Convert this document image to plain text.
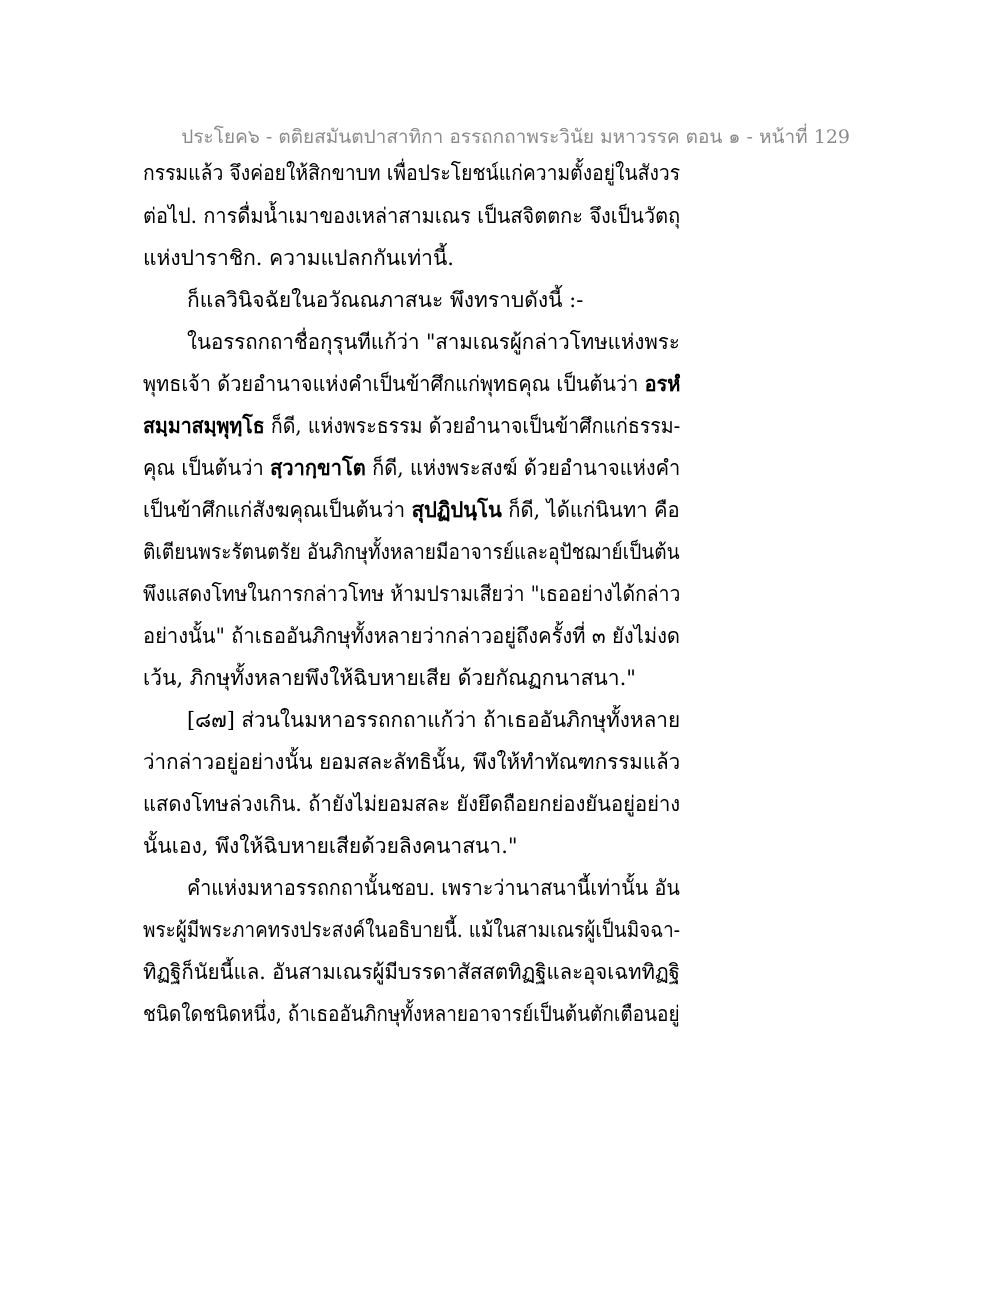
ประโยค๖ - ตติยสมันตปาสาทิกา อรรถกถาพระวินัย มหาวรรค ตอน ๑ - หน้าที่ 129
กรรมแล้ว จึงค่อยให้สิกขาบท เพื่อประโยชน์แก่ความตั้งอยู่ในสังวร
ต่อไป. การดื่มน้ำเมาของเหล่าสามเณร เป็นสจิตตกะ จึงเป็นวัตถุ
แห่งปาราชิก. ความแปลกกันเท่านี้.
ก็แลวินิจฉัยในอวัณณภาสนะ พึงทราบดังนี้ :-
ในอรรถกถาชื่อกุรุนทีแก้ว่า "สามเณรผู้กล่าวโทษแห่งพระ
พุทธเจ้า ด้วยอำนาจแห่งคำเป็นข้าศึกแก่พุทธคุณ เป็นต้นว่า อรหํ
สมฺมาสมฺพุทฺโธ ก็ดี, แห่งพระธรรม ด้วยอำนาจเป็นข้าศึกแก่ธรรม-
คุณ เป็นต้นว่า สฺวากฺขาโต ก็ดี, แห่งพระสงฆ์ ด้วยอำนาจแห่งคำ
เป็นข้าศึกแก่สังฆคุณเป็นต้นว่า สุปฏิปนฺโน ก็ดี, ได้แก่นินทา คือ
ติเตียนพระรัตนตรัย อันภิกษุทั้งหลายมีอาจารย์และอุปัชฌาย์เป็นต้น
พึงแสดงโทษในการกล่าวโทษ ห้ามปรามเสียว่า "เธออย่างได้กล่าว
อย่างนั้น" ถ้าเธออันภิกษุทั้งหลายว่ากล่าวอยู่ถึงครั้งที่ ๓ ยังไม่งด
เว้น, ภิกษุทั้งหลายพึงให้ฉิบหายเสีย ด้วยกัณฏกนาสนา."
[๘๗] ส่วนในมหาอรรถกถาแก้ว่า ถ้าเธออันภิกษุทั้งหลาย
ว่ากล่าวอยู่อย่างนั้น ยอมสละลัทธินั้น, พึงให้ทำทัณฑกรรมแล้ว
แสดงโทษล่วงเกิน. ถ้ายังไม่ยอมสละ ยังยึดถือยกย่องยันอยู่อย่าง
นั้นเอง, พึงให้ฉิบหายเสียด้วยลิงคนาสนา."
คำแห่งมหาอรรถกถานั้นชอบ. เพราะว่านาสนานี้เท่านั้น อัน
พระผู้มีพระภาคทรงประสงค์ในอธิบายนี้. แม้ในสามเณรผู้เป็นมิจฉา-
ทิฏฐิก็นัยนี้แล. อันสามเณรผู้มีบรรดาสัสสตทิฏฐิและอุจเฉททิฏฐิ
ชนิดใดชนิดหนึ่ง, ถ้าเธออันภิกษุทั้งหลายอาจารย์เป็นต้นตักเตือนอยู่
